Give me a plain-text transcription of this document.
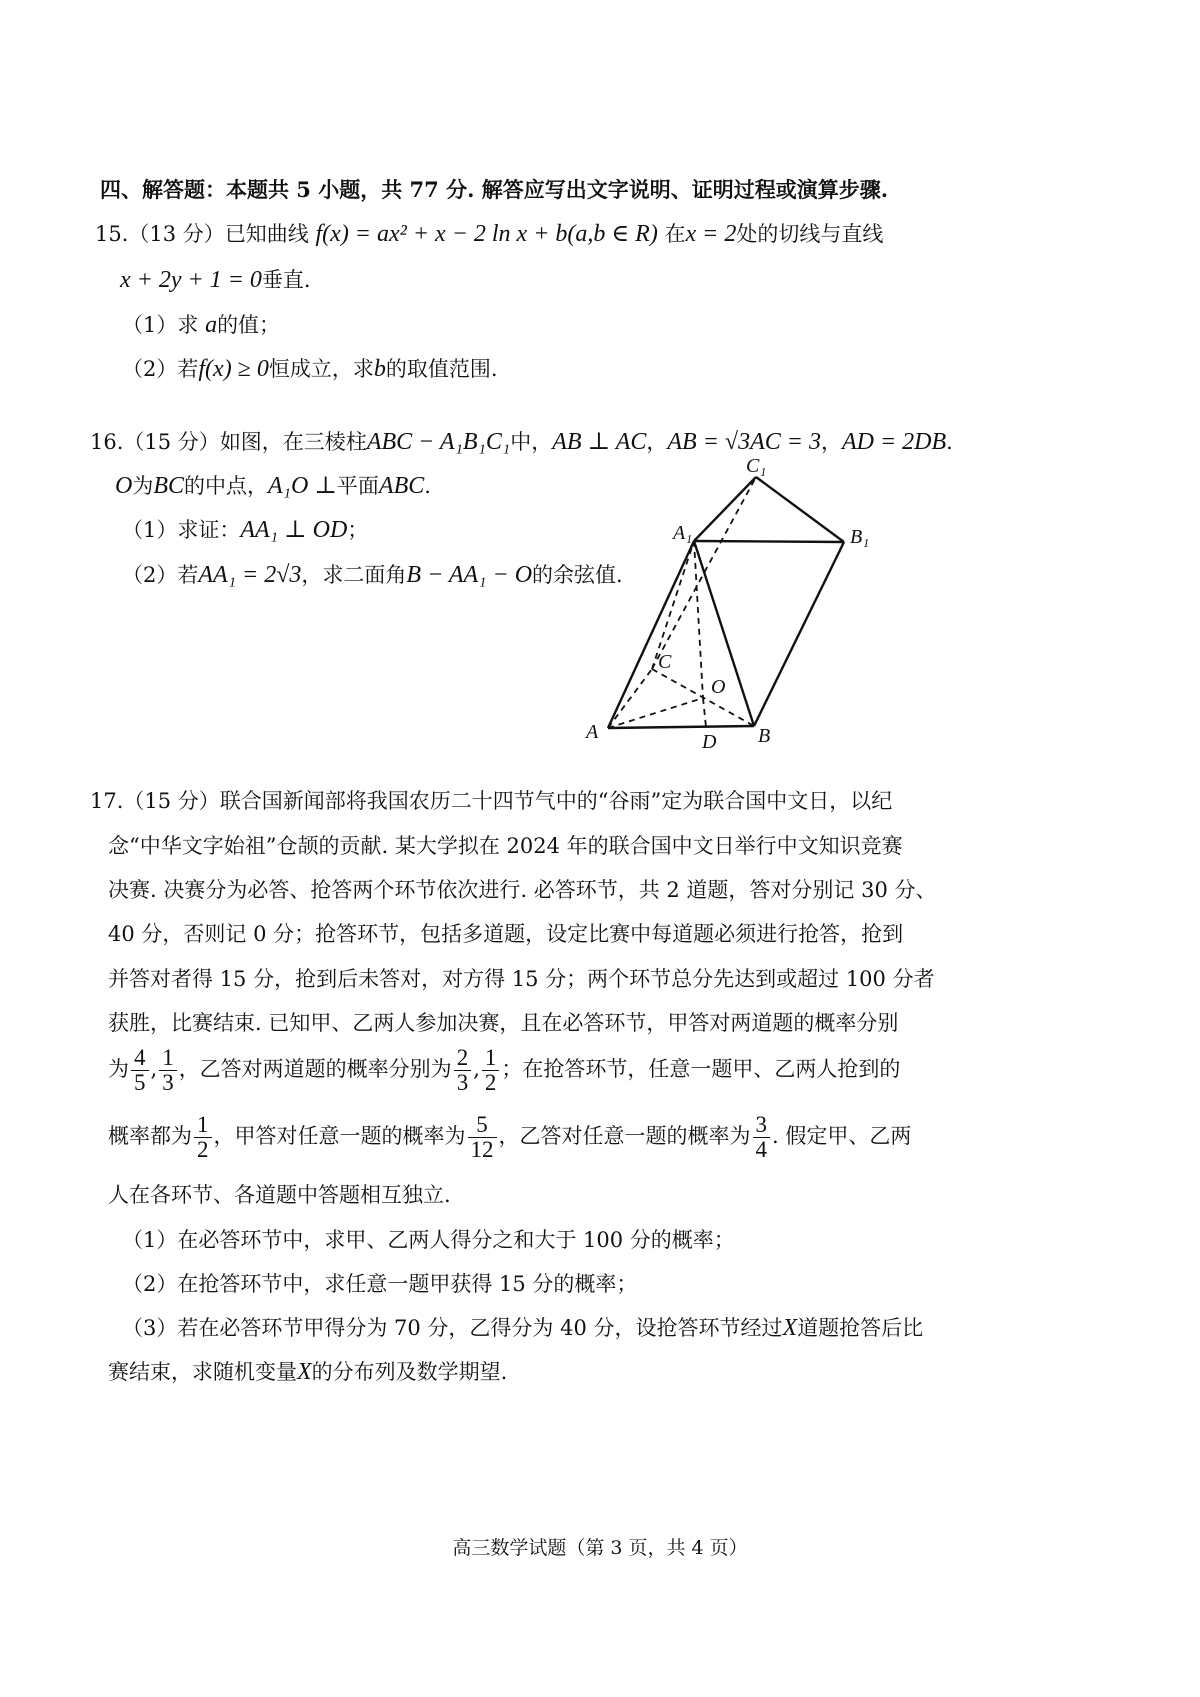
四、解答题：本题共 5 小题，共 77 分. 解答应写出文字说明、证明过程或演算步骤.
15.（13 分）已知曲线 f(x) = ax² + x − 2 ln x + b(a,b ∈ R) 在x = 2处的切线与直线
x + 2y + 1 = 0垂直.
（1）求 a的值；
（2）若f(x) ≥ 0恒成立，求b的取值范围.
16.（15 分）如图，在三棱柱ABC − A₁B₁C₁中，AB ⊥ AC，AB = √3AC = 3，AD = 2DB.
O为BC的中点，A₁O ⊥平面ABC.
（1）求证：AA₁ ⊥ OD；
（2）若AA₁ = 2√3，求二面角B − AA₁ − O的余弦值.
C₁
A₁	B₁
C
O
A	D B
17.（15 分）联合国新闻部将我国农历二十四节气中的“谷雨”定为联合国中文日，以纪
念“中华文字始祖”仓颉的贡献. 某大学拟在 2024 年的联合国中文日举行中文知识竞赛
决赛. 决赛分为必答、抢答两个环节依次进行. 必答环节，共 2 道题，答对分别记 30 分、
40 分，否则记 0 分；抢答环节，包括多道题，设定比赛中每道题必须进行抢答，抢到
并答对者得 15 分，抢到后未答对，对方得 15 分；两个环节总分先达到或超过 100 分者
获胜，比赛结束. 已知甲、乙两人参加决赛，且在必答环节，甲答对两道题的概率分别
为 $\frac{4}{5}$ , $\frac{1}{3}$ ，乙答对两道题的概率分别为 $\frac{2}{3}$ , $\frac{1}{2}$ ；在抢答环节，任意一题甲、乙两人抢到的
概率都为 $\frac{1}{2}$ ，甲答对任意一题的概率为 $\frac{5}{12}$ ，乙答对任意一题的概率为 $\frac{3}{4}$ . 假定甲、乙两
人在各环节、各道题中答题相互独立.
（1）在必答环节中，求甲、乙两人得分之和大于 100 分的概率；
（2）在抢答环节中，求任意一题甲获得 15 分的概率；
（3）若在必答环节甲得分为 70 分，乙得分为 40 分，设抢答环节经过X道题抢答后比
赛结束，求随机变量X的分布列及数学期望.
高三数学试题（第 3 页，共 4 页）
